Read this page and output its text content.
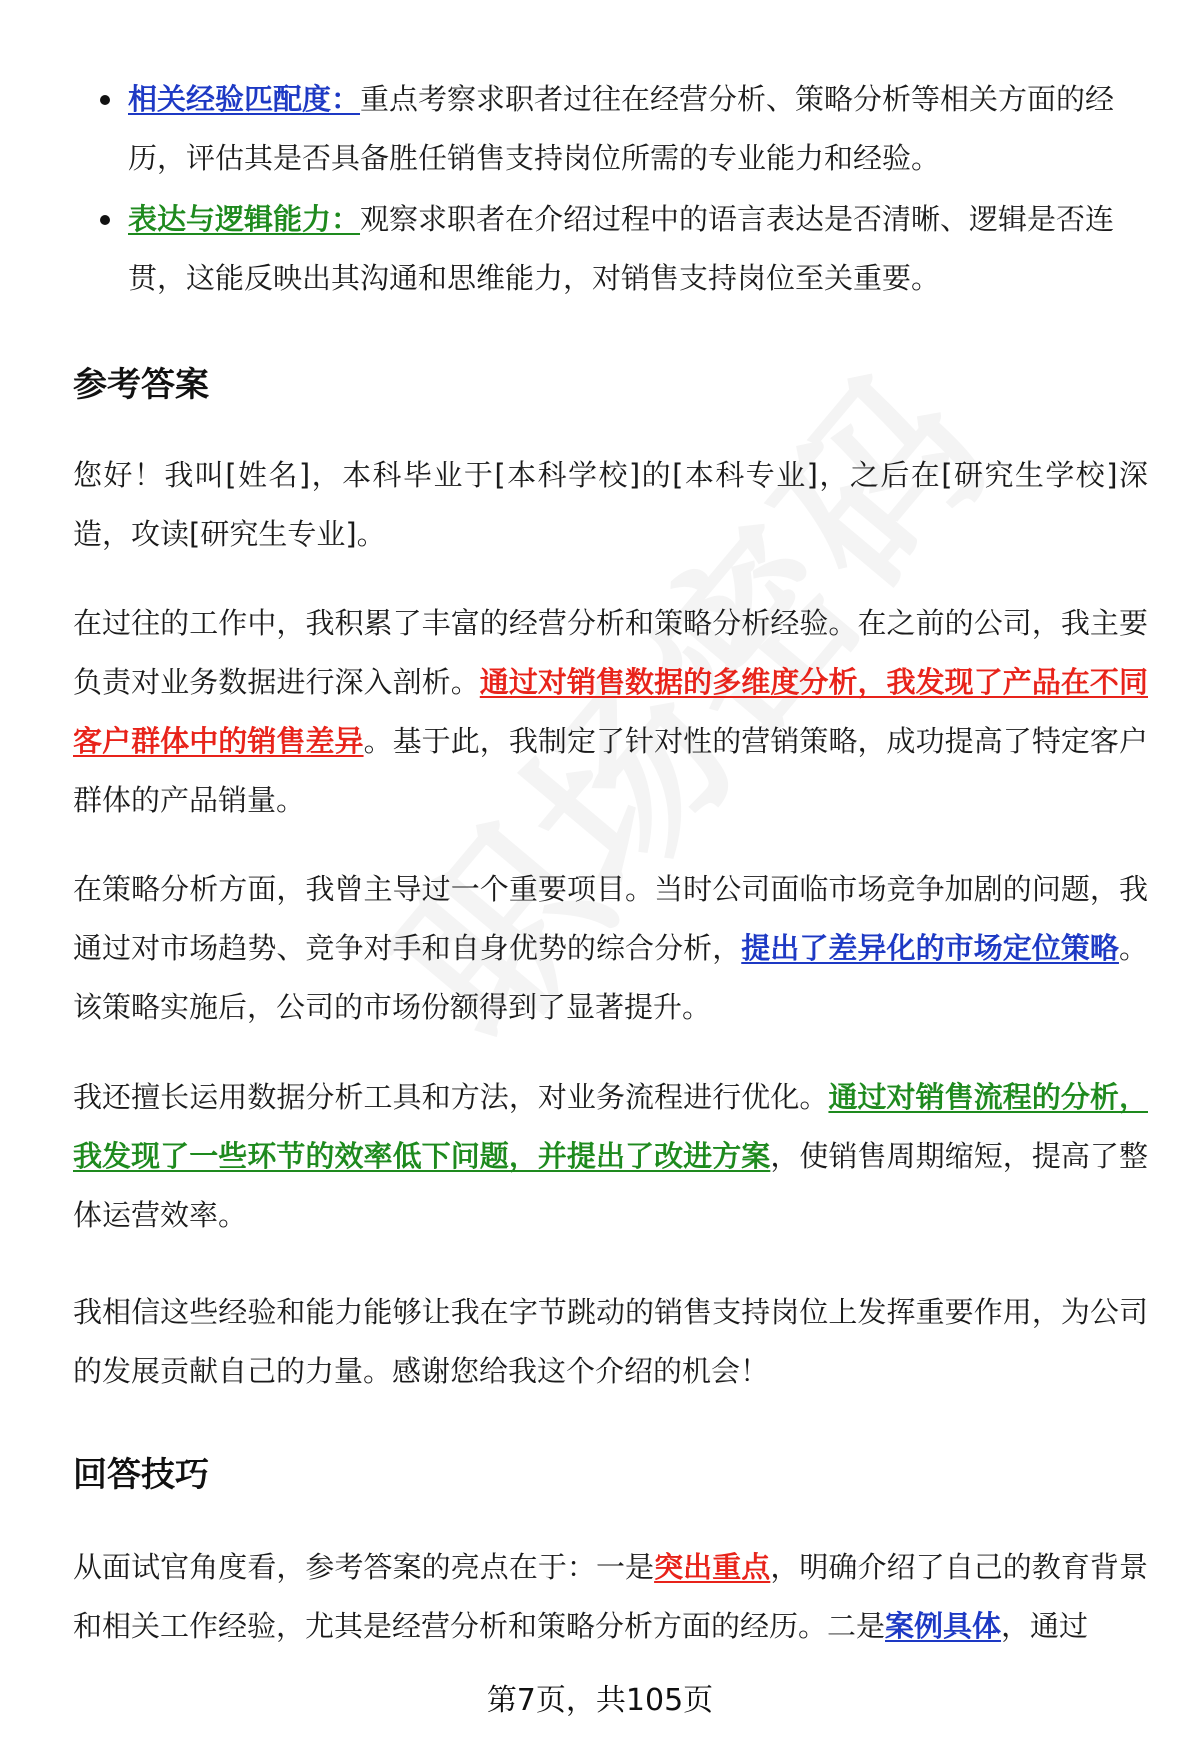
相关经验匹配度：重点考察求职者过往在经营分析、策略分析等相关方面的经历，评估其是否具备胜任销售支持岗位所需的专业能力和经验。
表达与逻辑能力：观察求职者在介绍过程中的语言表达是否清晰、逻辑是否连贯，这能反映出其沟通和思维能力，对销售支持岗位至关重要。
参考答案

您好！我叫[姓名]，本科毕业于[本科学校]的[本科专业]，之后在[研究生学校]深造，攻读[研究生专业]。

在过往的工作中，我积累了丰富的经营分析和策略分析经验。在之前的公司，我主要负责对业务数据进行深入剖析。通过对销售数据的多维度分析，我发现了产品在不同客户群体中的销售差异。基于此，我制定了针对性的营销策略，成功提高了特定客户群体的产品销量。

在策略分析方面，我曾主导过一个重要项目。当时公司面临市场竞争加剧的问题，我通过对市场趋势、竞争对手和自身优势的综合分析，提出了差异化的市场定位策略。该策略实施后，公司的市场份额得到了显著提升。

我还擅长运用数据分析工具和方法，对业务流程进行优化。通过对销售流程的分析，我发现了一些环节的效率低下问题，并提出了改进方案，使销售周期缩短，提高了整体运营效率。

我相信这些经验和能力能够让我在字节跳动的销售支持岗位上发挥重要作用，为公司的发展贡献自己的力量。感谢您给我这个介绍的机会！

回答技巧

从面试官角度看，参考答案的亮点在于：一是突出重点，明确介绍了自己的教育背景和相关工作经验，尤其是经营分析和策略分析方面的经历。二是案例具体，通过

第7页，共105页
